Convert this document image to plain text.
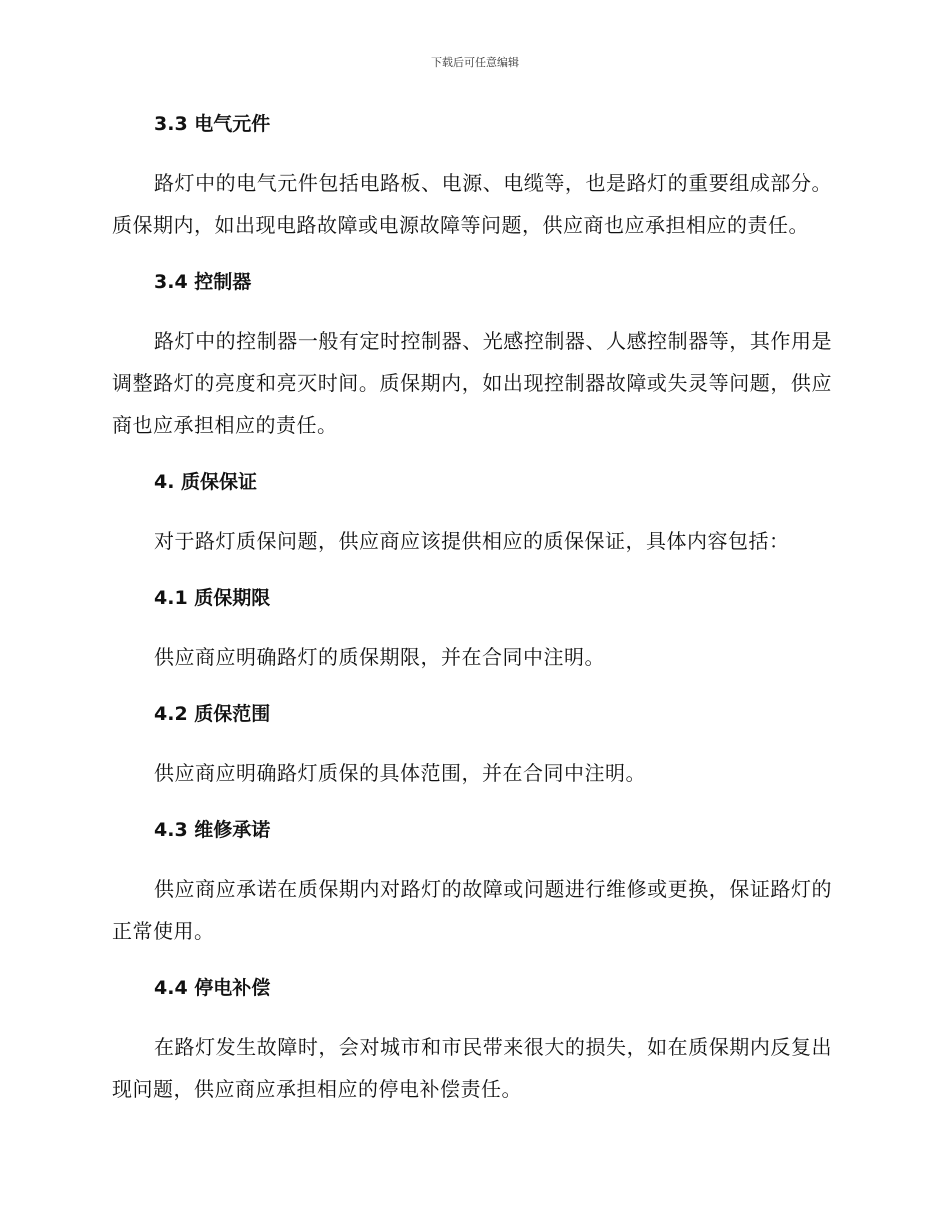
下载后可任意编辑
3.3 电气元件

路灯中的电气元件包括电路板、电源、电缆等，也是路灯的重要组成部分。质保期内，如出现电路故障或电源故障等问题，供应商也应承担相应的责任。

3.4 控制器

路灯中的控制器一般有定时控制器、光感控制器、人感控制器等，其作用是调整路灯的亮度和亮灭时间。质保期内，如出现控制器故障或失灵等问题，供应商也应承担相应的责任。

4. 质保保证

对于路灯质保问题，供应商应该提供相应的质保保证，具体内容包括：

4.1 质保期限

供应商应明确路灯的质保期限，并在合同中注明。

4.2 质保范围

供应商应明确路灯质保的具体范围，并在合同中注明。

4.3 维修承诺

供应商应承诺在质保期内对路灯的故障或问题进行维修或更换，保证路灯的正常使用。

4.4 停电补偿

在路灯发生故障时，会对城市和市民带来很大的损失，如在质保期内反复出现问题，供应商应承担相应的停电补偿责任。
